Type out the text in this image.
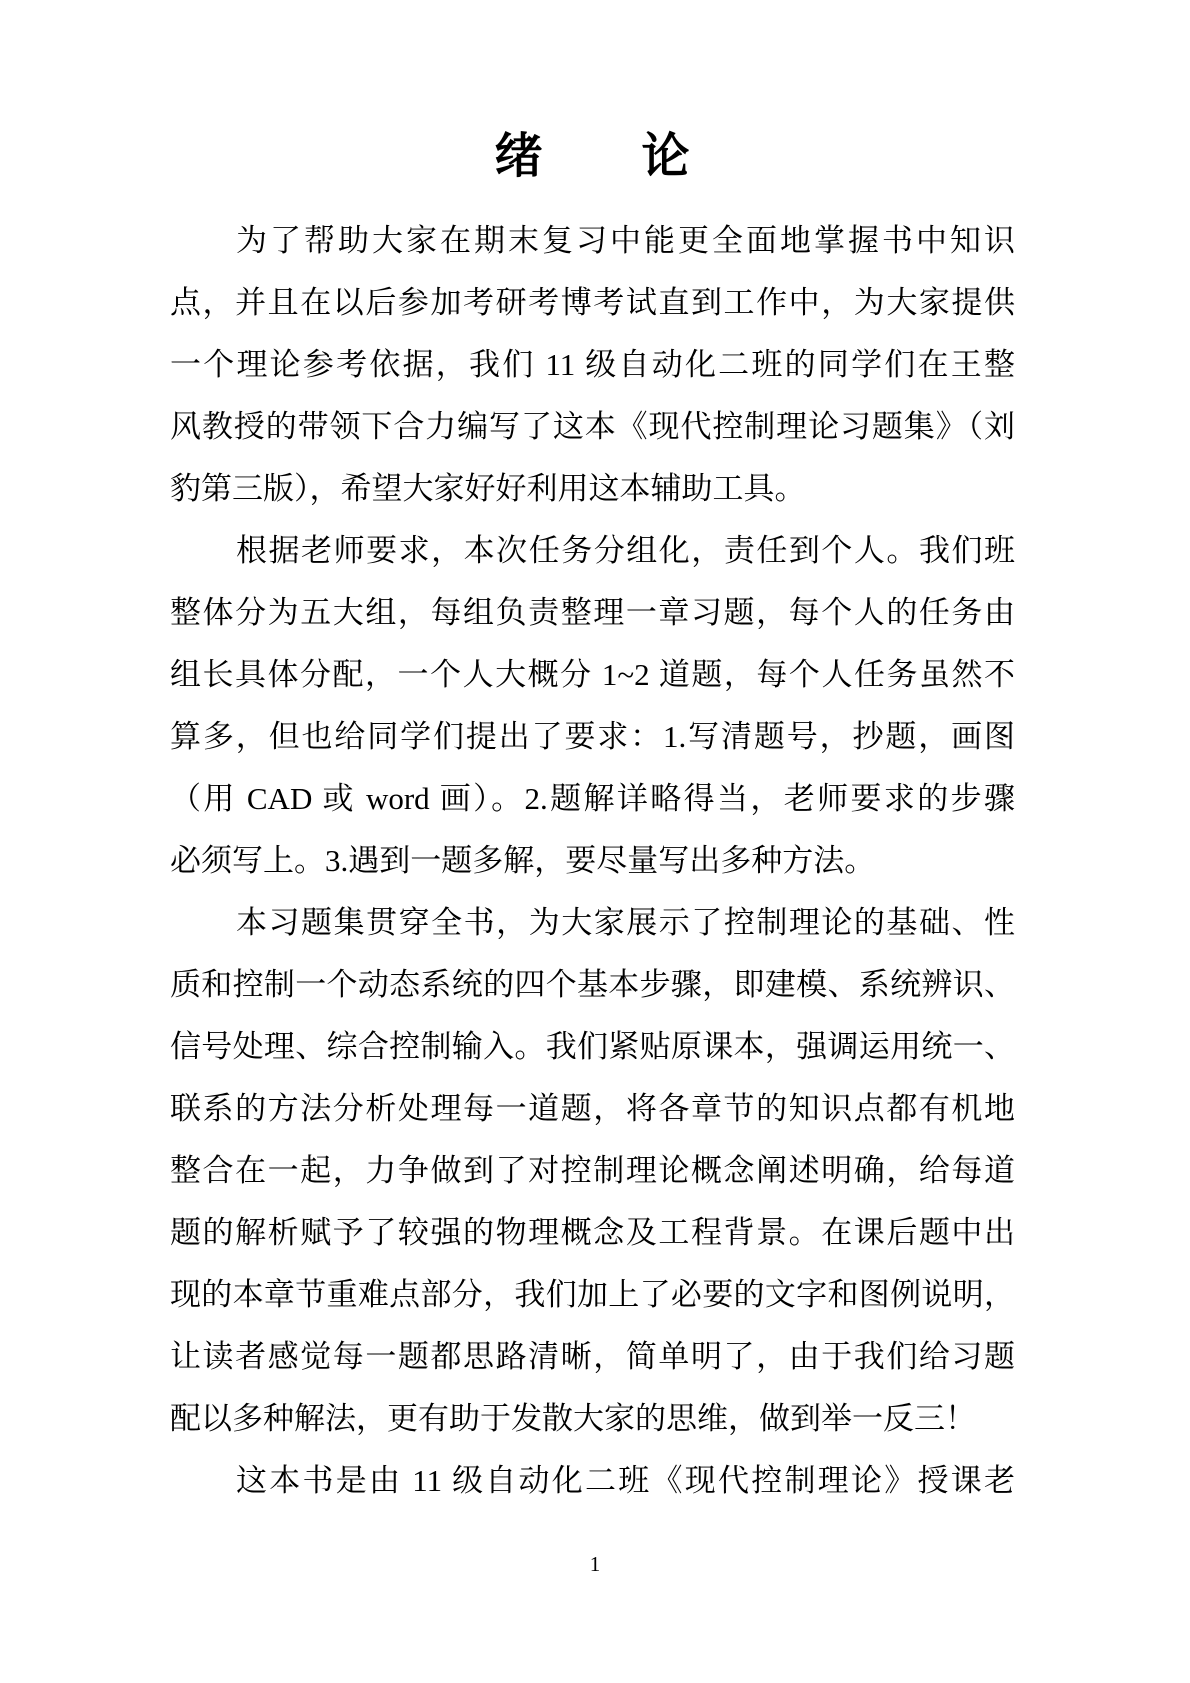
绪　　论
为了帮助大家在期末复习中能更全面地掌握书中知识
点，并且在以后参加考研考博考试直到工作中，为大家提供
一个理论参考依据，我们 11 级自动化二班的同学们在王整
风教授的带领下合力编写了这本《现代控制理论习题集》（刘
豹第三版），希望大家好好利用这本辅助工具。
根据老师要求，本次任务分组化，责任到个人。我们班
整体分为五大组，每组负责整理一章习题，每个人的任务由
组长具体分配，一个人大概分 1~2 道题，每个人任务虽然不
算多，但也给同学们提出了要求：1.写清题号，抄题，画图
（用 CAD 或 word 画）。2.题解详略得当，老师要求的步骤
必须写上。3.遇到一题多解，要尽量写出多种方法。
本习题集贯穿全书，为大家展示了控制理论的基础、性
质和控制一个动态系统的四个基本步骤，即建模、系统辨识、
信号处理、综合控制输入。我们紧贴原课本，强调运用统一、
联系的方法分析处理每一道题，将各章节的知识点都有机地
整合在一起，力争做到了对控制理论概念阐述明确，给每道
题的解析赋予了较强的物理概念及工程背景。在课后题中出
现的本章节重难点部分，我们加上了必要的文字和图例说明，
让读者感觉每一题都思路清晰，简单明了，由于我们给习题
配以多种解法，更有助于发散大家的思维，做到举一反三！
这本书是由 11 级自动化二班《现代控制理论》授课老
1
